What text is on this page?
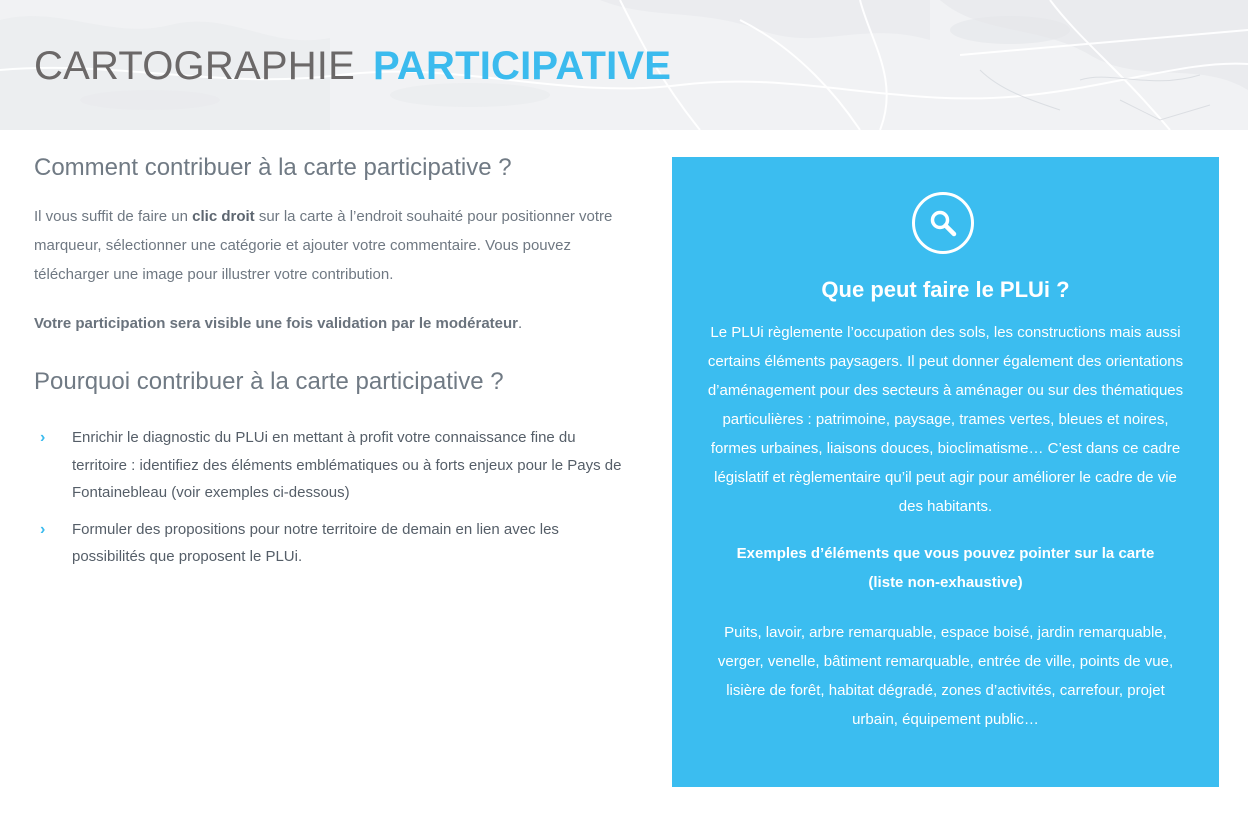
CARTOGRAPHIE PARTICIPATIVE
Comment contribuer à la carte participative ?

Il vous suffit de faire un clic droit sur la carte à l’endroit souhaité pour positionner votre marqueur, sélectionner une catégorie et ajouter votre commentaire. Vous pouvez télécharger une image pour illustrer votre contribution.

Votre participation sera visible une fois validation par le modérateur.

Pourquoi contribuer à la carte participative ?
› Enrichir le diagnostic du PLUi en mettant à profit votre connaissance fine du territoire : identifiez des éléments emblématiques ou à forts enjeux pour le Pays de Fontainebleau (voir exemples ci-dessous)
› Formuler des propositions pour notre territoire de demain en lien avec les possibilités que proposent le PLUi.
Que peut faire le PLUi ?

Le PLUi règlemente l’occupation des sols, les constructions mais aussi certains éléments paysagers. Il peut donner également des orientations d’aménagement pour des secteurs à aménager ou sur des thématiques particulières : patrimoine, paysage, trames vertes, bleues et noires, formes urbaines, liaisons douces, bioclimatisme… C’est dans ce cadre législatif et règlementaire qu’il peut agir pour améliorer le cadre de vie des habitants.

Exemples d’éléments que vous pouvez pointer sur la carte
(liste non-exhaustive)

Puits, lavoir, arbre remarquable, espace boisé, jardin remarquable, verger, venelle, bâtiment remarquable, entrée de ville, points de vue, lisière de forêt, habitat dégradé, zones d’activités, carrefour, projet urbain, équipement public…
